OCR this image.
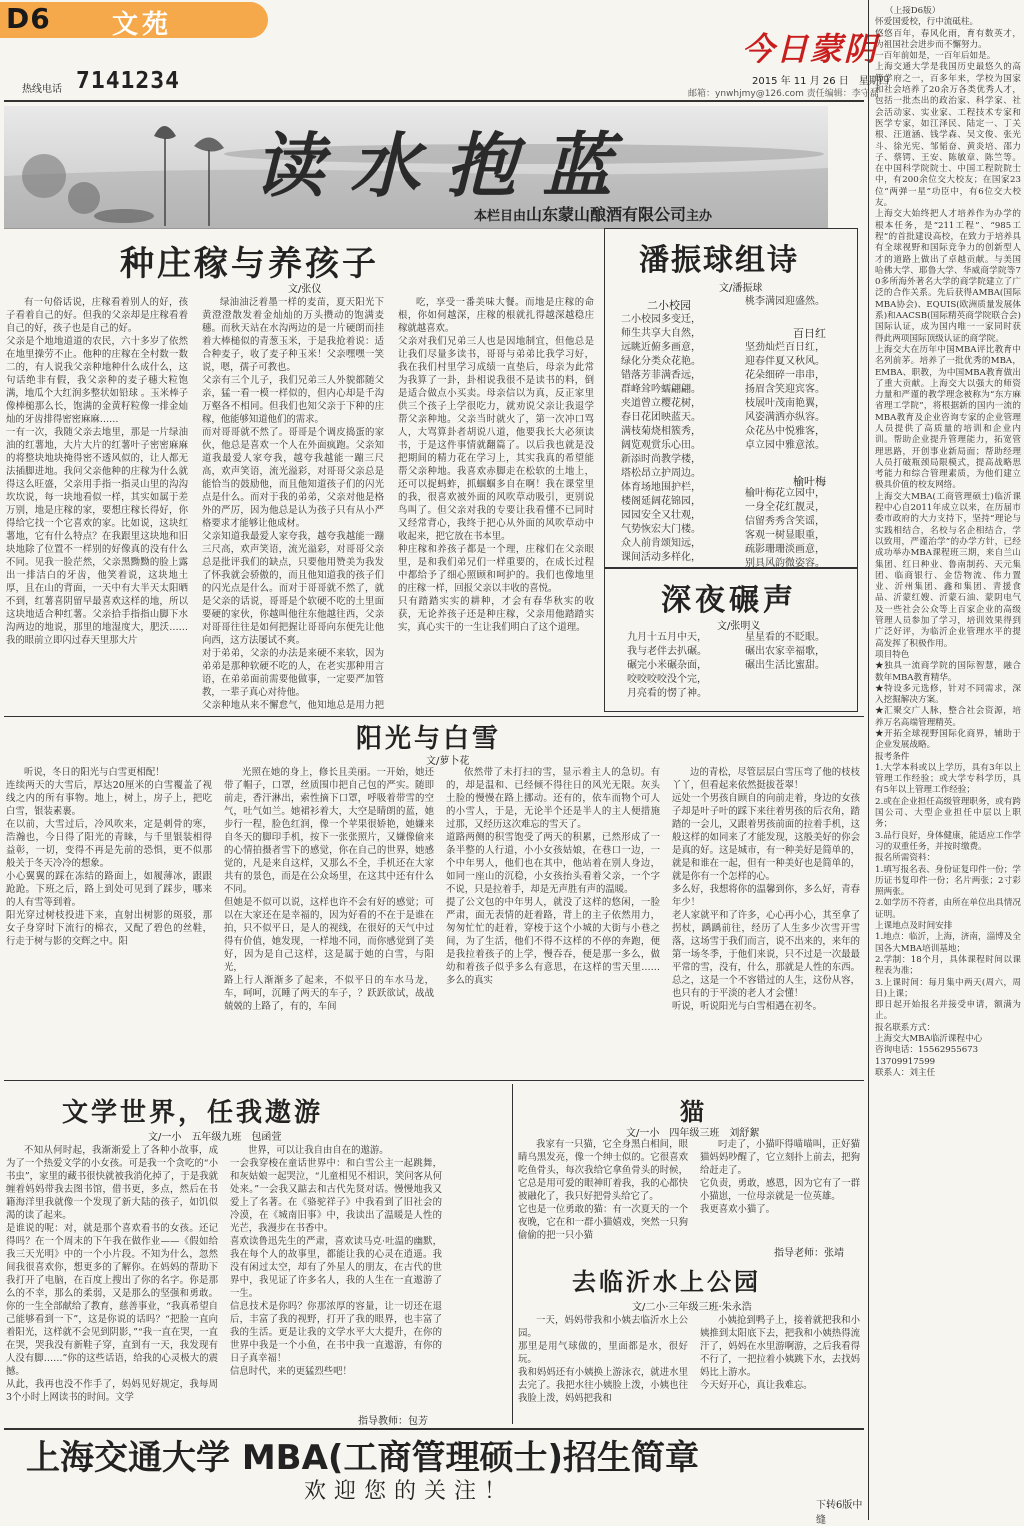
D6 文苑
热线电话 7141234
今日蒙阴
2015 年 11 月 26 日　星期四
邮箱：ynwhjmy@126.com 责任编辑：李守磊
读水抱蓝
本栏目由山东蒙山酿酒有限公司主办
种庄稼与养孩子
文/张仪
有一句俗话说，庄稼看着别人的好，孩子看着自己的好。但我的父亲却是庄稼看着自己的好，孩子也是自己的好。
父亲是个地地道道的农民，六十多岁了依然在地里操劳不止。他种的庄稼在全村数一数二的，有人说我父亲种地种什么成什么，这句话绝非有假，我父亲种的麦子穗大粒饱满，地瓜个大红润多整状如铅球 。玉米棒子像棒槌那么长，饱满的金黄籽粒像一排金灿灿的牙齿排得密密麻麻……
一有一次，我随父亲去地里，那是一片绿油油的红薯地，大片大片的红薯叶子密密麻麻的将整块地块掩得密不透风似的，让人都无法插脚进地。我问父亲他种的庄稼为什么就得这么旺盛，父亲用手指一指灵山里的沟沟坎坎说，每一块地看似一样，其实如属于差万别，地是庄稼的家，要想庄稼长得好，你得给它找一个它喜欢的家。比如说，这块红薯地，它有什么特点？在我跟里这块地和旧块地除了位置不一样别的好像真的没有什么不同。见我一脸茫然，父亲黑黝黝的脸上露出一排洁白的牙齿，他笑着说，这块地土厚，且在山的背面，一天中有大半天太阳晒不到，红薯喜阴留早最喜欢这样的地，所以这块地适合种红薯。父亲拾手指指山脚下水沟两边的地说，那里的地湿度大，肥沃……我的眼前立即闪过春天里那大片
绿油油泛着墨一样的麦苗，夏天阳光下黄澄澄散发着金灿灿的万头攒动的饱满麦穗。而秋天站在水沟两边的是一片硬朗而挂着大棒槌似的青葱玉米，于是我抢着说：适合种麦子，收了麦子种玉米！父亲嘿嘿一笑说，嗯，孺子可教也。
父亲有三个儿子，我们兄弟三人外貌都随父亲，猛一看一模一样似的，但内心却是千沟万壑各不相同。但我们也知父亲于下种的庄稼，他能够知道他们的需求。
而对哥哥就不然了。哥哥是个调皮捣蛋的家伙，他总是喜欢一个人在外面疯跑。父亲知道我最爱人家夸我，越夸我越能一蹦三尺高，欢声笑语，流光溢彩，对哥哥父亲总是能恰当的鼓励他，而且他知道孩子们的闪光点是什么。而对于我的弟弟，父亲对他是格外的严厉，因为他总是认为孩子只有从小严格要求才能够让他成材。
父亲知道我最爱人家夸我，越夸我越能一蹦三尺高，欢声笑语，流光溢彩，对哥哥父亲总是批评我们的缺点，只要他用赞美为我发了怀我就会骄傲的，而且他知道我的孩子们的闪光点是什么。而对于哥哥就不然了，就是父亲的话说，哥哥是个软硬不吃的土里面要硬的家伙，你越叫他往东他越往西，父亲对哥哥往往是如何把握让哥哥向东便先让他向西，这方法屡试不爽。
对于弟弟，父亲的办法是来硬不来软，因为弟弟是那种软硬不吃的人，在老实那种用言语，在弟弟面前需要他做事，一定要严加管教，一辈子真心对待他。
父亲种地从来不懈怠气，他知地总是用力把
吃，享受一番美味大餐。而地是庄稼的命根，你如何越深，庄稼的根就扎得越深越稳庄稼就越喜欢。
父亲对我们兄弟三人也是因地制宜，但他总是让我们尽量多读书，哥哥与弟弟比我学习好，我在我们村里学习成绩一直垫后，母亲为此常为我算了一卦，卦相说我很不是读书的料，倒是适合做点小买卖。母亲信以为真，反正家里供三个孩子上学很吃力，就劝说父亲让我退学帮父亲种地。父亲当时就火了，第一次冲口骂人，大骂算卦者胡说八道，他要我长大必须读书，于是这件事情就翻篇了。以后我也就是没把期间的精力花在学习上，其实我真的希望能帮父亲种地。我喜欢赤脚走在松软的土地上，还可以捉蚂蚱，抓蝈蝈多自在啊！我在课堂里的我，很喜欢被外面的风吹草动吸引，更别说鸟叫了。但父亲对我的专要让我看懂不已同时又经常背心，我终于把心从外面的风吹草动中收起来，把它放在书本里。
种庄稼和养孩子都是一个理，庄稼们在父亲眼里，是和我们弟兄们一样重要的，在成长过程中都给予了细心照顾和呵护的。我们也像地里的庄稼一样，回报父亲以丰收的喜悦。
只有踏踏实实的耕种，才会有春华秋实的收获，无论养孩子还是种庄稼，父亲用他踏踏实实，真心实干的一生让我们明白了这个道理。
潘振球组诗
文/潘振球
二小校园
二小校园多变迁，
师生共享大自然，
远眺近俯多画意，
绿化分类众花艳。
错落芳菲满香远，
群峰耸吟蠕翩翩。
夹道曾立樱花树，
春日花团映蓝天。
满枝菊烧相簇秀，
阔览观赏乐心田。
新添时尚教学楼，
塔松昂立护周边。
体育场地围护栏，
楼阁延阔花锦园，
园园安全又壮观，
气势恢宏大门楼。
众人前肯颂知远，
课间活动多样化，

桃李满园迎盛然。
百日红
坚劲灿烂百日红，
迎春伴夏又秋风。
花朵细碎一串串，
扬眉含笑迎宾客。
枝展叶茂南艳翼，
风姿满洒亦纵容。
众花丛中悦雅客，
卓立园中雅意浓。
榆叶梅
榆叶梅花立园中，
一身全花红靓灵，
信留秀秀含笑谣，
客观一树显眼重，
疏影珊珊淡画意，
别具风韵微姿容。
深夜碾声
文/张明义
九月十五月中天，
我与老伴去扒碾。
碾完小米碾杂面，
咬咬咬咬没个完，
月亮看的愣了神。
星星看的不眨眼。
碾出农家幸福歌，
碾出生活比蜜甜。
阳光与白雪
文/萝卜花
听说，冬日的阳光与白雪更相配！
连续两天的大雪后，厚达20厘米的白雪覆盖了视线之内的所有事物。地上，树上，房子上，把吃白雪，银装素裹。
在以前，大雪过后，冷风吹来，定是刺骨的寒，浩瀚也，今日得了阳光的青睐，与千里银装相得益彰，一切，变得不再是先前的恐惧，更不似那般关于冬天冷冷的想象。
小心翼翼的踩在冻结的路面上，如履薄冰，跟跟跄跄。下班之后，路上到处可见到了踩步，哪来的人有雪等到着。
阳光穿过树枝投进下来，直射出树影的斑驳，那女子身穿时下流行的棉衣，又配了碧色的丝鞋，行走于树与影的交辉之中。阳
光照在她的身上，修长且美丽。一开始，她还带了帽子，口罩，丝质围巾把自己包的严实。随即前走，香汗淋出，索性摘下口罩，呼吸着带雪的空气，吐气如兰。她裙衫着大，大空是睛朗的蓝，她步行一程，脸色红润，像一个苹果很娇艳，她嫌来自冬天的脚印手机，按下一张张照片，又嫌像偷来的心情拍摄者雪下的感觉，你在自己的世界，她感觉的，凡是来自这样，又那么不全，手机还在大家共有的景色，而是在公众场里，在这其中还有什么不同。
但她是不似可以说，这样也许不会有好的感觉；可以在大家还在是幸福的，因为好看的不在于是谁在拍，只不似平日，是人的视线，在很好的天气中过得有价值，她发现，一样地不同，而你感觉到了美好，因为是自己这样，这是属于她的白雪，与阳光，
路上行人渐渐多了起来，不似平日的车水马龙，车，呵呵，沉睡了两天的车子，？跃跃欲试，战战兢兢的上路了，有的，车间
依然带了未打扫的雪，显示着主人的急切。有的，却是温和、已经倾不得往日的风光无限。灰头土脸的慢慢在路上挪动。还有的，依车而物个可人的小雪人，于是，无论半个还是半人的主人便措施过那，又经历这次难忘的雪天了。
道路两侧的积雪饱受了两天的积累，已然形成了一条半整的人行道，小小女孩姑娘，在巷口一边，一个中年男人，他们也在其中，他站着在别人身边，如同一座山的沉稳，小女孩抬头看着父亲，一个字不说，只是拉着手，却是无声胜有声的温暖。
提了公文包的中年男人，就没了这样的悠闲，一脸严肃，面无表情的赶着路，背上的主子依然用力，匆匆忙忙的赶着，穿梭于这个小城的大街与小巷之间，为了生活，他们不得不这样的不停的奔跑，便是我拉着孩子的上学，慢吞吞，便是那一多么，做幼和着孩子似乎多么有意思，在这样的雪天里……多么的真实
边的青松，尽管层层白雪压弯了他的枝枝丫丫，但看起来依然挺拔苍翠！
远处一个男孩自顾自的向前走着，身边的女孩子却是叶子叶的踩下来往着男孩的后衣角，踏踏的一会儿，又跟着男孩前面的拉着手机，这般这样的如同来了才能发现，这般美好的你会是真的好。这是城市，有一种美好是简单的，就是和谁在一起，但有一种美好也是简单的，就是你有一个怎样的心。
多么好，我想将你的温馨到你，多么好，青春年少！
老人家就平和了许多，心心再小心，其至拿了拐杖，踽踽前往，经历了人生多少次雪开雪落，这场雪于我们而言，说不出来的，来年的第一场冬季，于他们来说，只不过是一次最最平常的雪，没有，什么，那就是人性的东西。总之，这是一个不容错过的人生，这份从容，也只有的于平淡的老人才会懂！
听说，听说阳光与白雪相遇在初冬。
文学世界，任我遨游
文/一小　五年级九班　包函萱
不知从何时起，我渐渐爱上了各种小故事，成为了一个热爱文学的小女孩。可是我一个贪吃的“小书虫”，家里的藏书很快就被我消化掉了，于是我就缠着妈妈带我去图书馆，借书更，多点，然后在书籍海洋里我就像一个发现了新大陆的孩子，如饥似渴的读了起来。
是谁说的呢：对，就是那个喜欢看书的女孩。还记得吗？在一个周末的下午我在做作业——《假如给我三天光明》中的一个小片段。不知为什么，忽然间我很喜欢你，想更多的了解你。在妈妈的帮助下我打开了电脑，在百度上搜出了你的名字。你是那么的不幸，那么的柔弱，又是那么的坚强和勇敢。你的一生全部献给了教育，慈善事业，“我真希望自己能够看到一下”，这是你说的话吗？“把脸一直向着阳光，这样就不会见到阴影，”“我一直在哭，一直在哭，哭我没有新鞋子穿，直到有一天，我发现有人没有脚……”你的这些话语，给我的心灵极大的震撼。
从此，我再也没不作手了，妈妈见好规定，我每周3个小时上网读书的时间。文学
世界，可以让我自由自在的遨游。
一会我穿梭在童话世界中：和白雪公主一起跳舞，和灰姑娘一起哭泣，“儿童相见不相识，笑问客从何处来。”一会我又踮去和古代先贤对话。慢慢地我又爱上了名著。在《骆驼祥子》中我看到了旧社会的冷漠，在《城南旧事》中，我读出了温暖是人性的光芒，我漫步在书香中。
喜欢读鲁迅先生的严肃，喜欢读马克·吐温的幽默，我在每个人的故事里，都能让我的心灵在逍遥。我没有闲过太空，却有了外星人的朋友，在古代的世界中，我见证了许多名人，我的人生在一直遨游了一生。
信息技术是你吗？你那浓厚的容量，让一切还在退后，丰富了我的视野，打开了我的眼界，也丰富了我的生活。更是让我的文学水平大大提升，在你的世界中我是一个小鱼，在书中我一直遨游，有你的日子真幸福！
信息时代，来的更猛烈些吧！
指导教师：包芳
猫
文/一小　四年级三班　刘舒絮
我家有一只猫，它全身黑白相间，眼睛乌黑发亮，像一个绅士似的。它很喜欢吃鱼骨头，每次我给它拿鱼骨头的时候，它总是用可爱的眼神盯着我，我的心都快被融化了，我只好把骨头给它了。
它也是一位勇敢的猫：有一次夏天的一个夜晚，它在和一群小猫嬉戏，突然一只狗偷偷的把一只小猫
叼走了，小猫吓得喵喵叫，正好猫猫妈妈吵醒了，它立刻扑上前去，把狗给赶走了。
它负责，勇敢，感恩，因为它有了一群小猫崽，一位母亲就是一位英雄。
我更喜欢小猫了。
指导老师：张靖
去临沂水上公园
文/二小·三年级三班·朱永浩
一天，妈妈带我和小姨去临沂水上公园。
那里是用气球做的，里面都是水，很好玩。
我和妈妈还有小姨换上游泳衣，就进水里去完了。我把水往小姨脸上泼，小姨也往我脸上泼，妈妈把我和
小姨抢到鸭子上，接着就把我和小姨推到太阳底下去，把我和小姨热得流汗了，妈妈在水里游啊游，之后我看得不行了，一把拉着小姨跳下水，去找妈妈比上游水。
今天好开心，真让我难忘。
上海交通大学 MBA(工商管理硕士)招生简章
欢迎您的关注！
下转6版中缝
（上接D6版）
怀爱国爱校，行中流砥柱。
悠悠百年，春风化雨，育有数英才，为祖国社会进步而不懈努力。
一百年前如是，一百年后如是。
上海交通大学是我国历史最悠久的高等学府之一，百多年来，学校为国家和社会培养了20余万各类优秀人才，包括一批杰出的政治家、科学家、社会活动家、实业家、工程技术专家和医学专家，如江泽民、陆定一、丁关根、汪道涵、钱学森、吴文俊、张光斗、徐光宪、邹韬奋、黄炎培、邵力子、蔡锷、王安、陈敏章、陈竺等。在中国科学院院士、中国工程院院士中，有200余位交大校友；在国家23位“两弹一星”功臣中，有6位交大校友。
上海交大始终把人才培养作为办学的根本任务，是“211工程”、“985工程”的首批建设高校，在致力于培养具有全球视野和国际竞争力的创新型人才的道路上做出了卓越贡献。与美国哈佛大学、耶鲁大学、华威商学院等70多所海外著名大学的商学院建立了广泛的合作关系。先后获得AMBA(国际MBA协会)、EQUIS(欧洲质量发展体系)和AACSB(国际精英商学院联合会)国际认证，成为国内唯一一家同时获得此两项国际顶级认证的商学院。
上海交大在历年中国MBA评比教育中名列前茅。培养了一批优秀的MBA，EMBA、职教，为中国MBA教育做出了重大贡献。上海交大以强大的师资力量和严谨的教学理念被称为“东方麻省理工学院”，将根据新的国内一流的MBA教育及企业咨询专家的企业管理人员提供了高质量的培训和企业内训。帮助企业提升管理能力，拓宽管理思路，开创事业新局面；帮助经理人员打破瓶颈局限模式，提高战略思考能力和综合管理素质，为他们建立极具价值的校友网络。
上海交大MBA(工商管理硕士)临沂课程中心自2011年成立以来，在历届市委市政府的大力支持下，坚持“理论与实践相结合，名校与名企相结合，学以致用，严谨治学”的办学方针，已经成功举办MBA课程班三期，来自兰山集团、红日种业、鲁南制药、天元集团、临商银行、金岱物流、伟力置业、沂州集团、鑫和集团、青援食品、沂蒙红嫂、沂蒙石油、蒙阴电气及一些社会公众等上百家企业的高级管理人员参加了学习，培训效果得到广泛好评，为临沂企业管理水平的提高发挥了积极作用。
项目特色
★独具一流商学院的国际智慧，融合数年MBA教育精华。
★特设多元选修，针对不同需求，深入挖掘解决方案。
★汇聚交广人脉，整合社会资源，培养万名高端管理精英。
★开拓全球视野国际化商界，辅助于企业发展战略。
报考条件
1.大学本科或以上学历，具有3年以上管理工作经验；或大学专科学历，具有5年以上管理工作经验；
2.或在企业担任高级管理职务，或有跨国公司、大型企业担任中层以上职务；
3.品行良好，身体健康，能适应工作学习的双重任务，并按时缴费。
报名所需资料：
1.填写报名表、身份证复印件一份；学历证书复印件一份；名片两张；2寸彩照两张。
2.如学历不符者，由所在单位出具情况证明。
上课地点及时间安排
1.地点：临沂，上海，济南，淄博及全国各大MBA培训基地；
2.学制：18个月，具体课程时间以课程表为准；
3.上课时间：每月集中两天(周六，周日)上课；
即日起开始报名并接受申请，额满为止。
报名联系方式：
上海交大MBA临沂课程中心
咨询电话：15562955673
13709917599
联系人：刘主任
